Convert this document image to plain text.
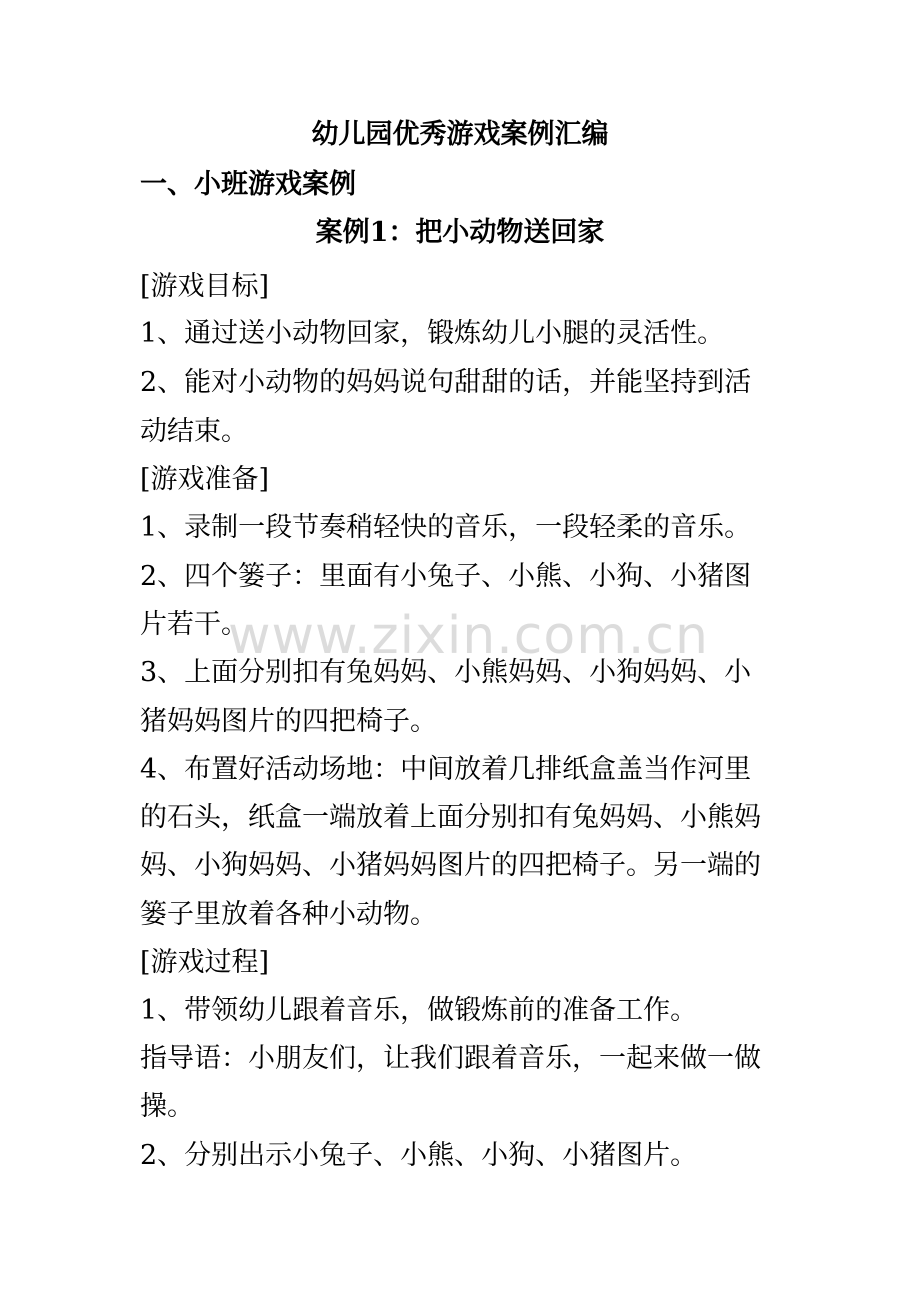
幼儿园优秀游戏案例汇编
一、小班游戏案例
案例1：把小动物送回家
[游戏目标]
1、通过送小动物回家，锻炼幼儿小腿的灵活性。
2、能对小动物的妈妈说句甜甜的话，并能坚持到活
动结束。
[游戏准备]
1、录制一段节奏稍轻快的音乐，一段轻柔的音乐。
2、四个篓子：里面有小兔子、小熊、小狗、小猪图
片若干。
3、上面分别扣有兔妈妈、小熊妈妈、小狗妈妈、小
猪妈妈图片的四把椅子。
4、布置好活动场地：中间放着几排纸盒盖当作河里
的石头，纸盒一端放着上面分别扣有兔妈妈、小熊妈
妈、小狗妈妈、小猪妈妈图片的四把椅子。另一端的
篓子里放着各种小动物。
[游戏过程]
1、带领幼儿跟着音乐，做锻炼前的准备工作。
指导语：小朋友们，让我们跟着音乐，一起来做一做
操。
2、分别出示小兔子、小熊、小狗、小猪图片。
www.zixin.com.cn
